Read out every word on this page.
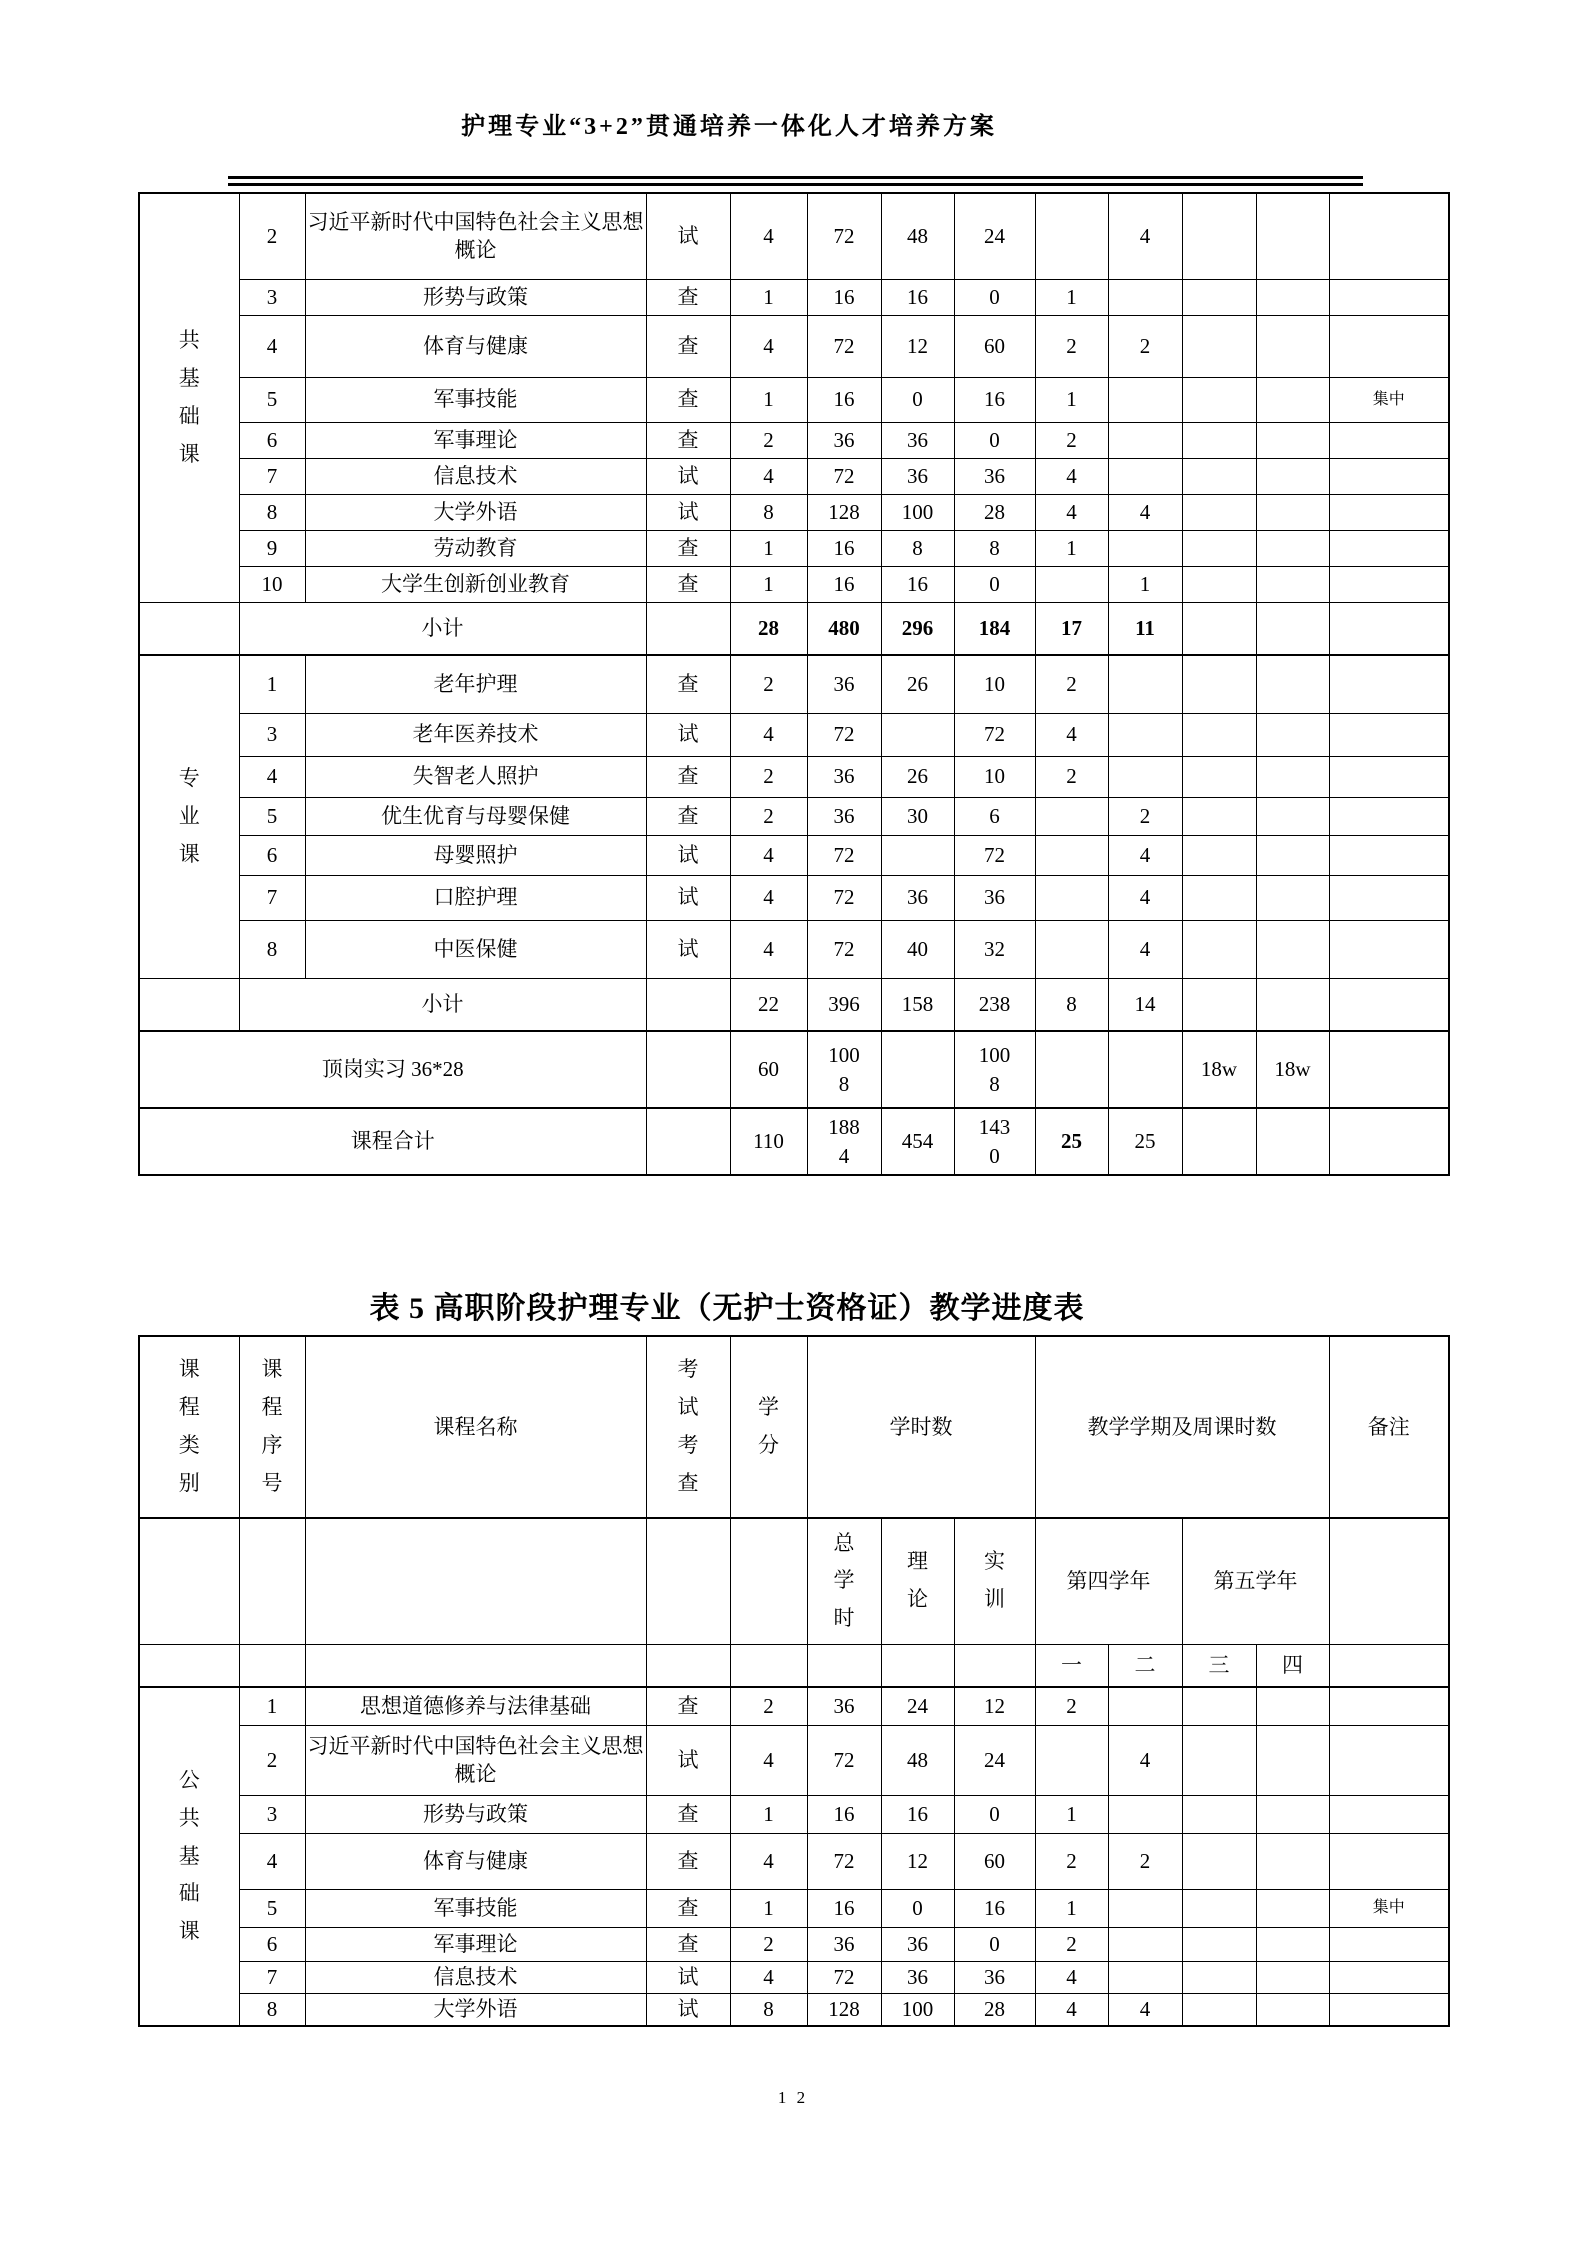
护理专业“3+2”贯通培养一体化人才培养方案
共基础课	2	习近平新时代中国特色社会主义思想概论	试	4	72	48	24		4			
	3	形势与政策	查	1	16	16	0	1				
	4	体育与健康	查	4	72	12	60	2	2			
	5	军事技能	查	1	16	0	16	1				集中
	6	军事理论	查	2	36	36	0	2				
	7	信息技术	试	4	72	36	36	4				
	8	大学外语	试	8	128	100	28	4	4			
	9	劳动教育	查	1	16	8	8	1				
	10	大学生创新创业教育	查	1	16	16	0		1			
	小计			28	480	296	184	17	11			
专业课	1	老年护理	查	2	36	26	10	2				
	3	老年医养技术	试	4	72		72	4				
	4	失智老人照护	查	2	36	26	10	2				
	5	优生优育与母婴保健	查	2	36	30	6		2			
	6	母婴照护	试	4	72		72		4			
	7	口腔护理	试	4	72	36	36		4			
	8	中医保健	试	4	72	40	32		4			
	小计			22	396	158	238	8	14			
顶岗实习 36*28				60	1008		1008			18w	18w	
课程合计				110	1884	454	1430	25	25			
表 5 高职阶段护理专业（无护士资格证）教学进度表
课程类别	课程序号	课程名称	考试考查	学分	学时数			教学学期及周课时数				备注
					总学时	理论	实训	第四学年		第五学年		
								一	二	三	四	
公共基础课	1	思想道德修养与法律基础	查	2	36	24	12	2				
	2	习近平新时代中国特色社会主义思想概论	试	4	72	48	24		4			
	3	形势与政策	查	1	16	16	0	1				
	4	体育与健康	查	4	72	12	60	2	2			
	5	军事技能	查	1	16	0	16	1				集中
	6	军事理论	查	2	36	36	0	2				
	7	信息技术	试	4	72	36	36	4				
	8	大学外语	试	8	128	100	28	4	4			
1 2
